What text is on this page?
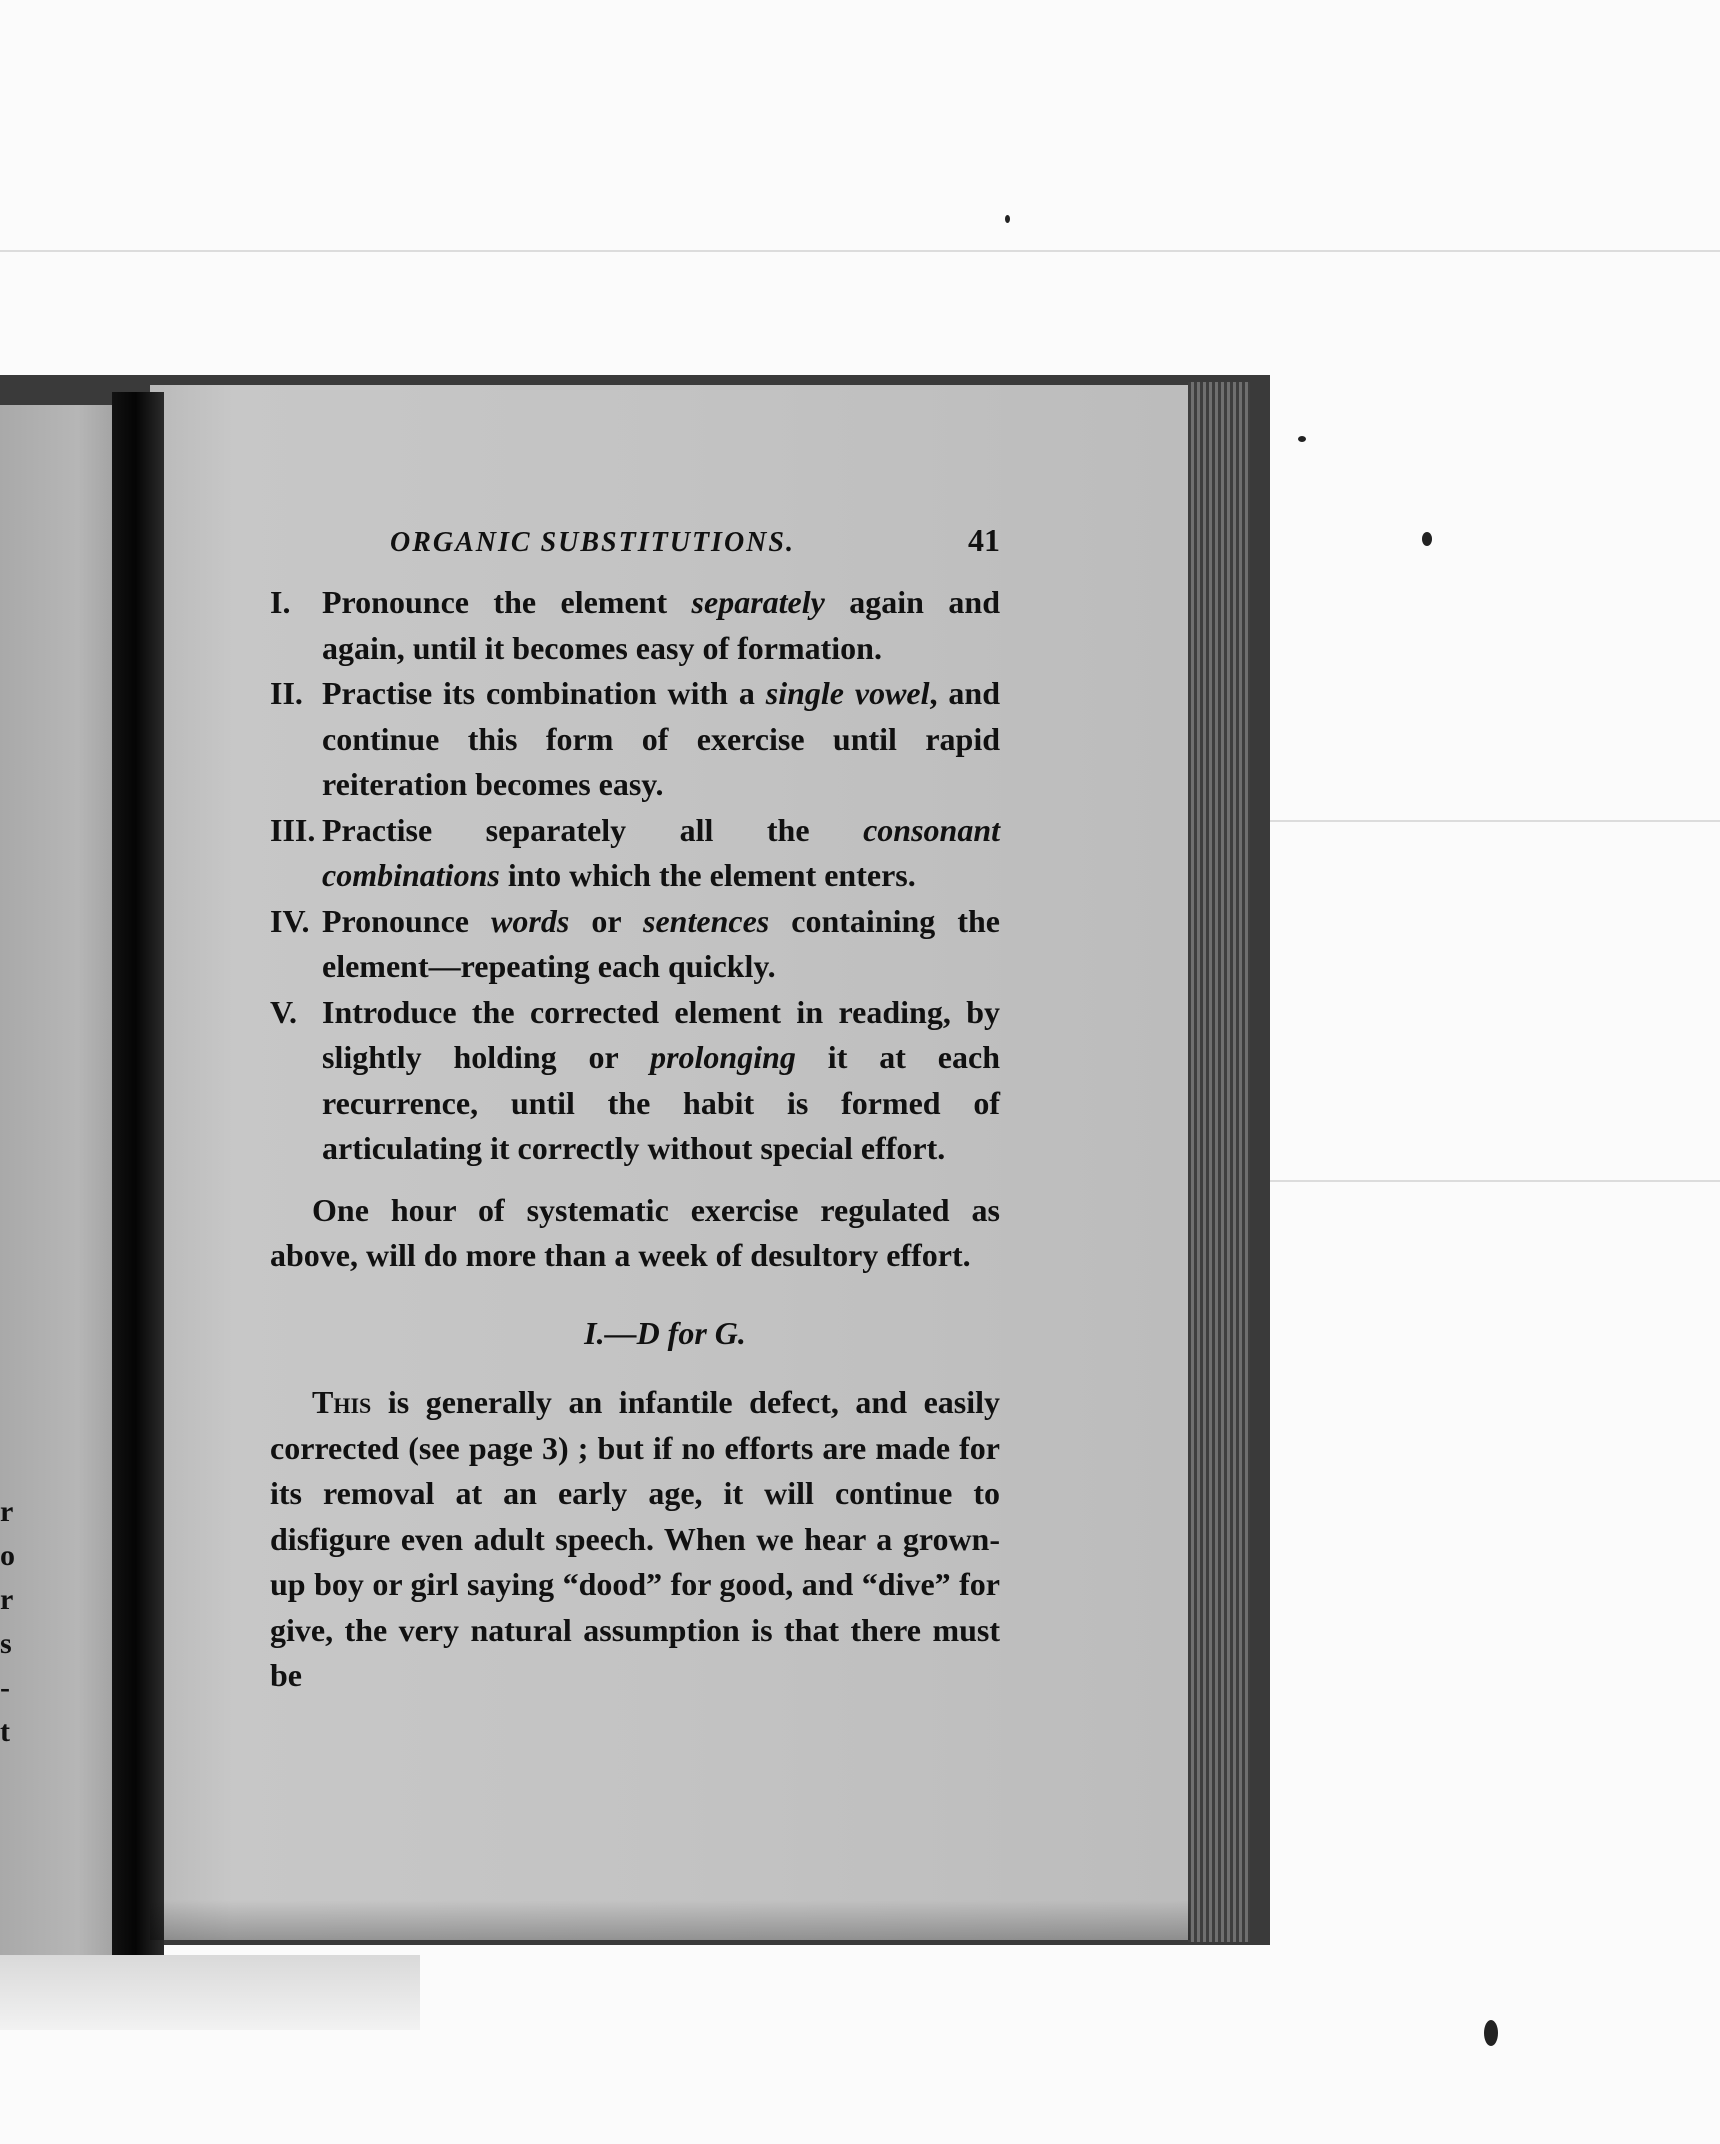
r
o
r
s
-
t
ORGANIC SUBSTITUTIONS.	41
I. Pronounce the element separately again and again, until it becomes easy of formation.
II. Practise its combination with a single vowel, and continue this form of exercise until rapid reiteration becomes easy.
III. Practise separately all the consonant combinations into which the element enters.
IV. Pronounce words or sentences containing the element—repeating each quickly.
V. Introduce the corrected element in reading, by slightly holding or prolonging it at each recurrence, until the habit is formed of articulating it correctly without special effort.

One hour of systematic exercise regulated as above, will do more than a week of desultory effort.

I.—D for G.

This is generally an infantile defect, and easily corrected (see page 3) ; but if no efforts are made for its removal at an early age, it will continue to disfigure even adult speech. When we hear a grown-up boy or girl saying “dood” for good, and “dive” for give, the very natural assumption is that there must be
